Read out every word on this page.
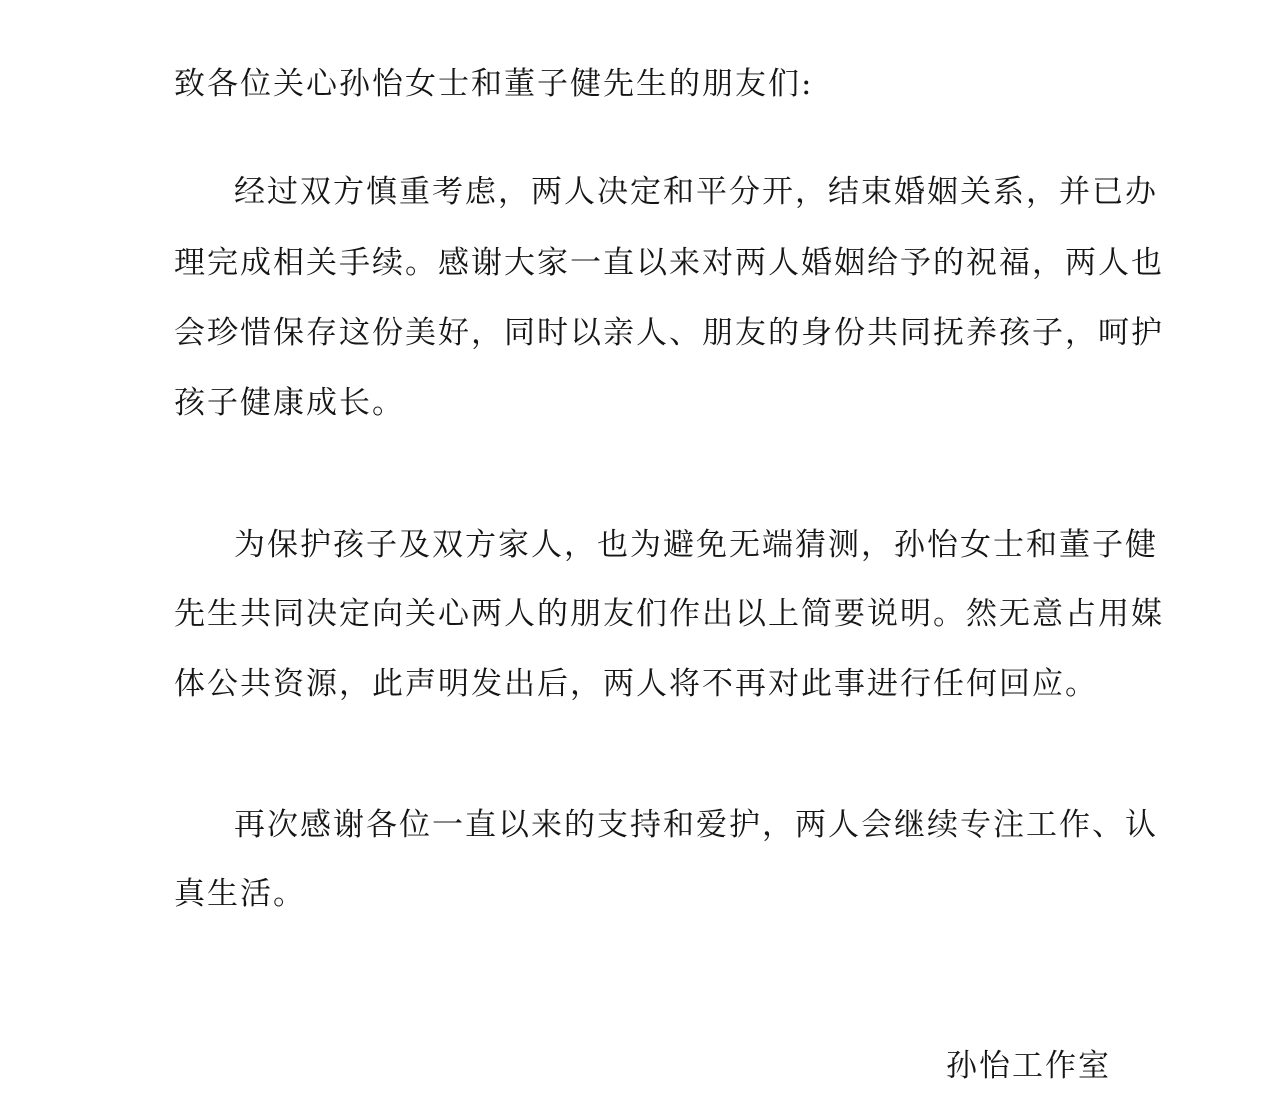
致各位关心孙怡女士和董子健先生的朋友们:
经过双方慎重考虑，两人决定和平分开，结束婚姻关系，并已办
理完成相关手续。感谢大家一直以来对两人婚姻给予的祝福，两人也
会珍惜保存这份美好，同时以亲人、朋友的身份共同抚养孩子，呵护
孩子健康成长。
为保护孩子及双方家人，也为避免无端猜测，孙怡女士和董子健
先生共同决定向关心两人的朋友们作出以上简要说明。然无意占用媒
体公共资源，此声明发出后，两人将不再对此事进行任何回应。
再次感谢各位一直以来的支持和爱护，两人会继续专注工作、认
真生活。
孙怡工作室
